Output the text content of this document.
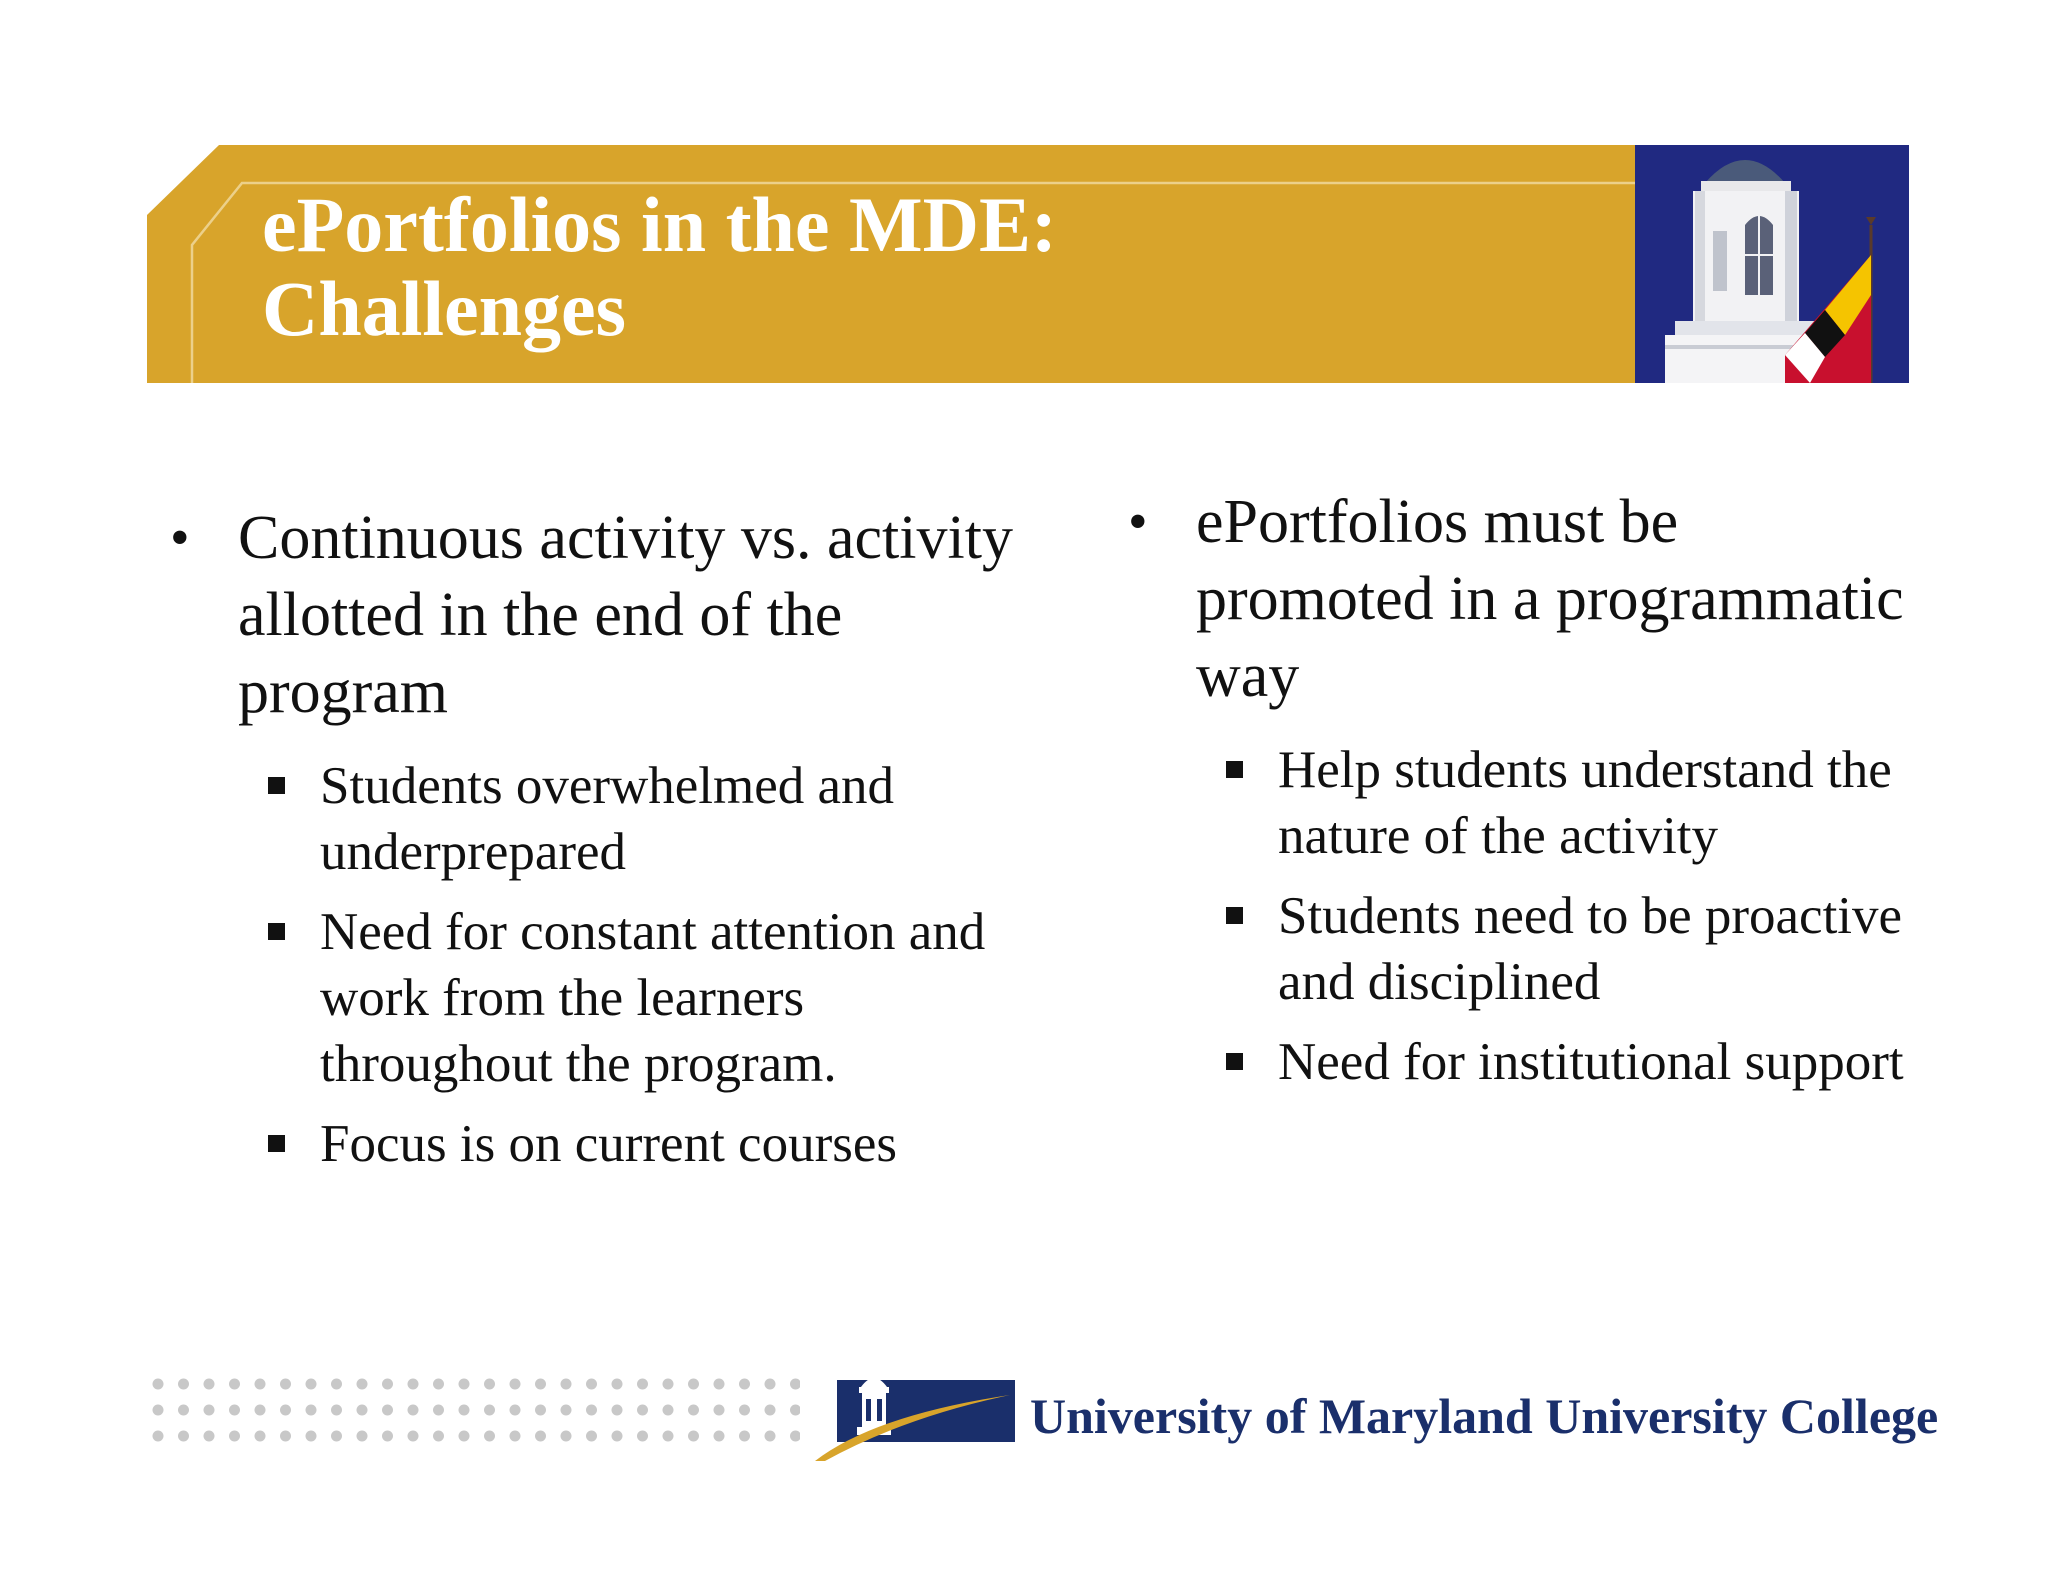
ePortfolios in the MDE:
Challenges
• Continuous activity vs. activity allotted in the end of the program
Students overwhelmed and underprepared
Need for constant attention and work from the learners throughout the program.
Focus is on current courses
• ePortfolios must be promoted in a programmatic way
Help students understand the nature of the activity
Students need to be proactive and disciplined
Need for institutional support
University of Maryland University College
